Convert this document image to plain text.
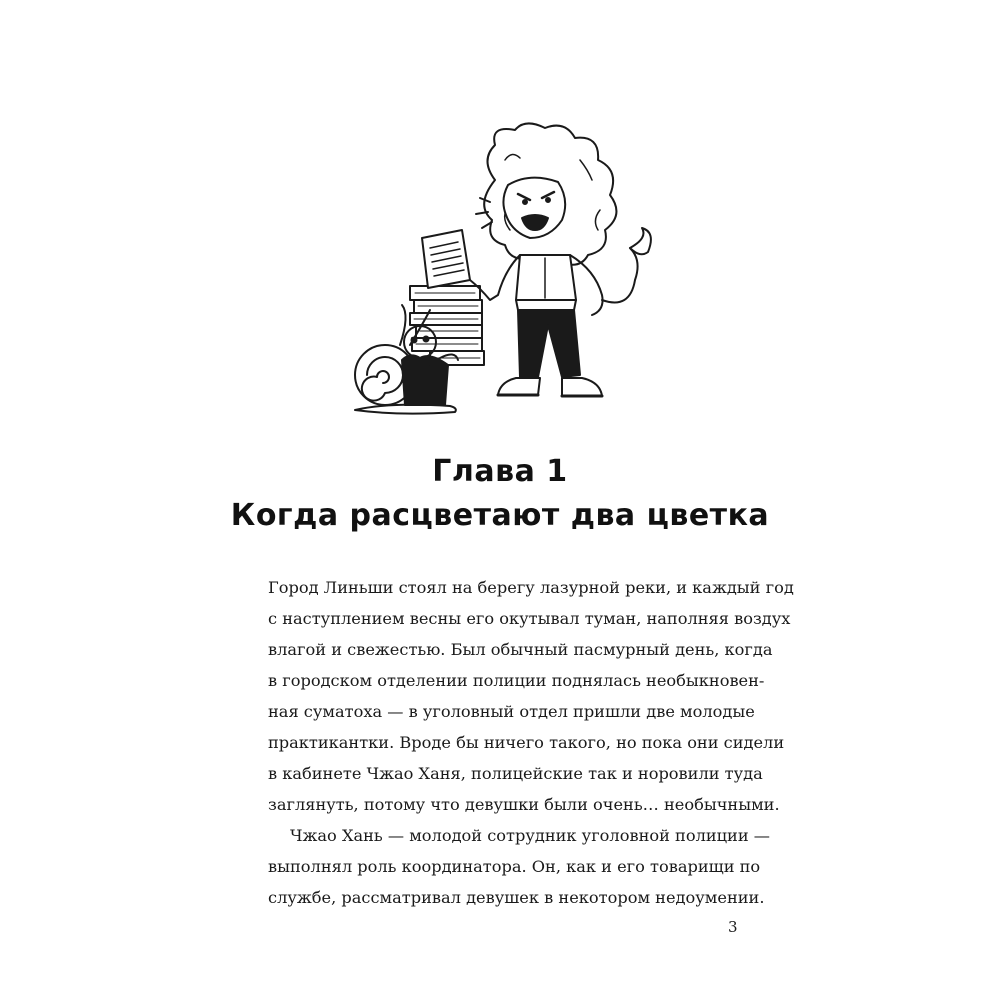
Глава 1
Когда расцветают два цветка

Город Линьши стоял на берегу лазурной реки, и каждый год
с наступлением весны его окутывал туман, наполняя воздух
влагой и свежестью. Был обычный пасмурный день, когда
в городском отделении полиции поднялась необыкновен-
ная суматоха — в уголовный отдел пришли две молодые
практикантки. Вроде бы ничего такого, но пока они сидели
в кабинете Чжао Ханя, полицейские так и норовили туда
заглянуть, потому что девушки были очень… необычными.

Чжао Хань — молодой сотрудник уголовной полиции —
выполнял роль координатора. Он, как и его товарищи по
службе, рассматривал девушек в некотором недоумении.

3
